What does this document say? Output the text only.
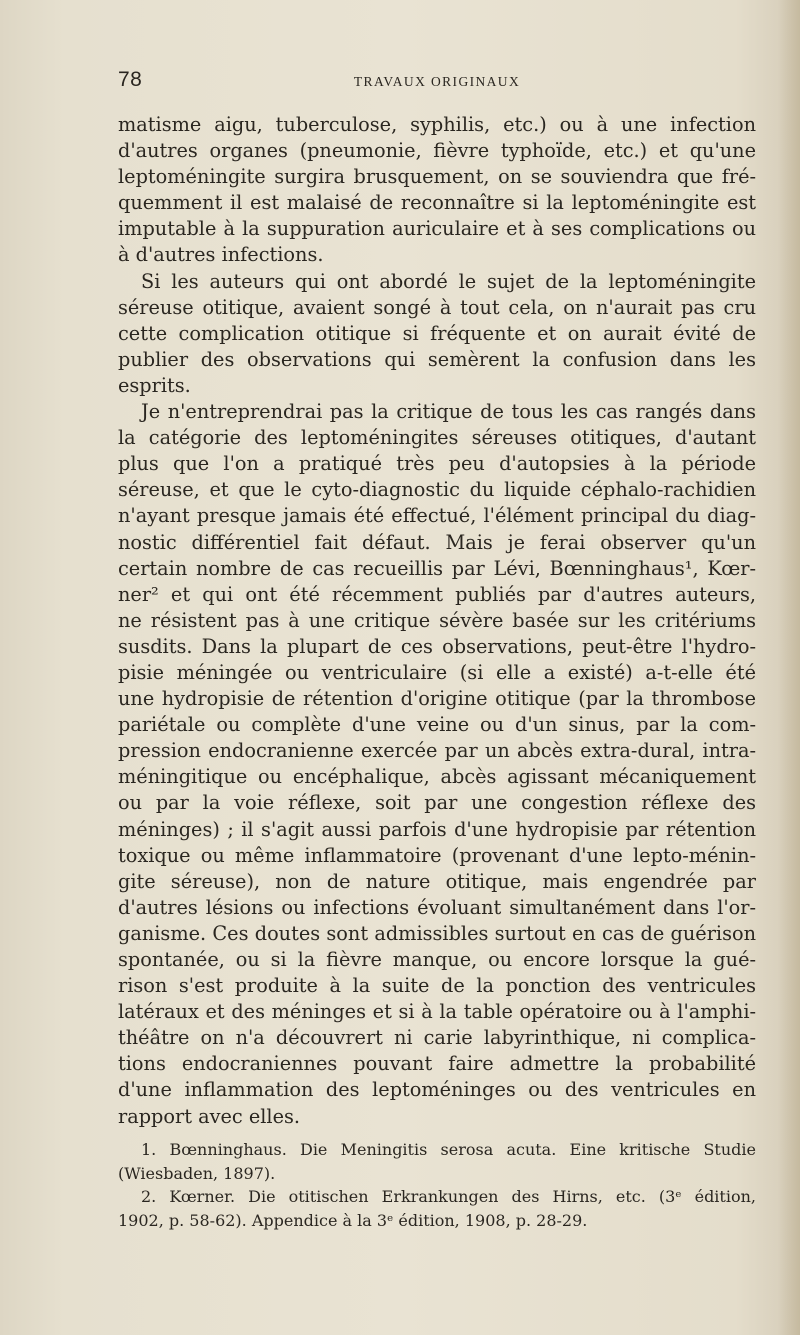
78	TRAVAUX ORIGINAUX
matisme aigu, tuberculose, syphilis, etc.) ou à une infection
d'autres organes (pneumonie, fièvre typhoïde, etc.) et qu'une
leptoméningite surgira brusquement, on se souviendra que fré-
quemment il est malaisé de reconnaître si la leptoméningite est
imputable à la suppuration auriculaire et à ses complications ou
à d'autres infections.
Si les auteurs qui ont abordé le sujet de la leptoméningite
séreuse otitique, avaient songé à tout cela, on n'aurait pas cru
cette complication otitique si fréquente et on aurait évité de
publier des observations qui semèrent la confusion dans les
esprits.
Je n'entreprendrai pas la critique de tous les cas rangés dans
la catégorie des leptoméningites séreuses otitiques, d'autant
plus que l'on a pratiqué très peu d'autopsies à la période
séreuse, et que le cyto-diagnostic du liquide céphalo-rachidien
n'ayant presque jamais été effectué, l'élément principal du diag-
nostic différentiel fait défaut. Mais je ferai observer qu'un
certain nombre de cas recueillis par Lévi, Bœnninghaus¹, Kœr-
ner² et qui ont été récemment publiés par d'autres auteurs,
ne résistent pas à une critique sévère basée sur les critériums
susdits. Dans la plupart de ces observations, peut-être l'hydro-
pisie méningée ou ventriculaire (si elle a existé) a-t-elle été
une hydropisie de rétention d'origine otitique (par la thrombose
pariétale ou complète d'une veine ou d'un sinus, par la com-
pression endocranienne exercée par un abcès extra-dural, intra-
méningitique ou encéphalique, abcès agissant mécaniquement
ou par la voie réflexe, soit par une congestion réflexe des
méninges) ; il s'agit aussi parfois d'une hydropisie par rétention
toxique ou même inflammatoire (provenant d'une lepto-ménin-
gite séreuse), non de nature otitique, mais engendrée par
d'autres lésions ou infections évoluant simultanément dans l'or-
ganisme. Ces doutes sont admissibles surtout en cas de guérison
spontanée, ou si la fièvre manque, ou encore lorsque la gué-
rison s'est produite à la suite de la ponction des ventricules
latéraux et des méninges et si à la table opératoire ou à l'amphi-
théâtre on n'a découvrert ni carie labyrinthique, ni complica-
tions endocraniennes pouvant faire admettre la probabilité
d'une inflammation des leptoméninges ou des ventricules en
rapport avec elles.
1. Bœnninghaus. Die Meningitis serosa acuta. Eine kritische Studie
(Wiesbaden, 1897).
2. Kœrner. Die otitischen Erkrankungen des Hirns, etc. (3ᵉ édition,
1902, p. 58-62). Appendice à la 3ᵉ édition, 1908, p. 28-29.
